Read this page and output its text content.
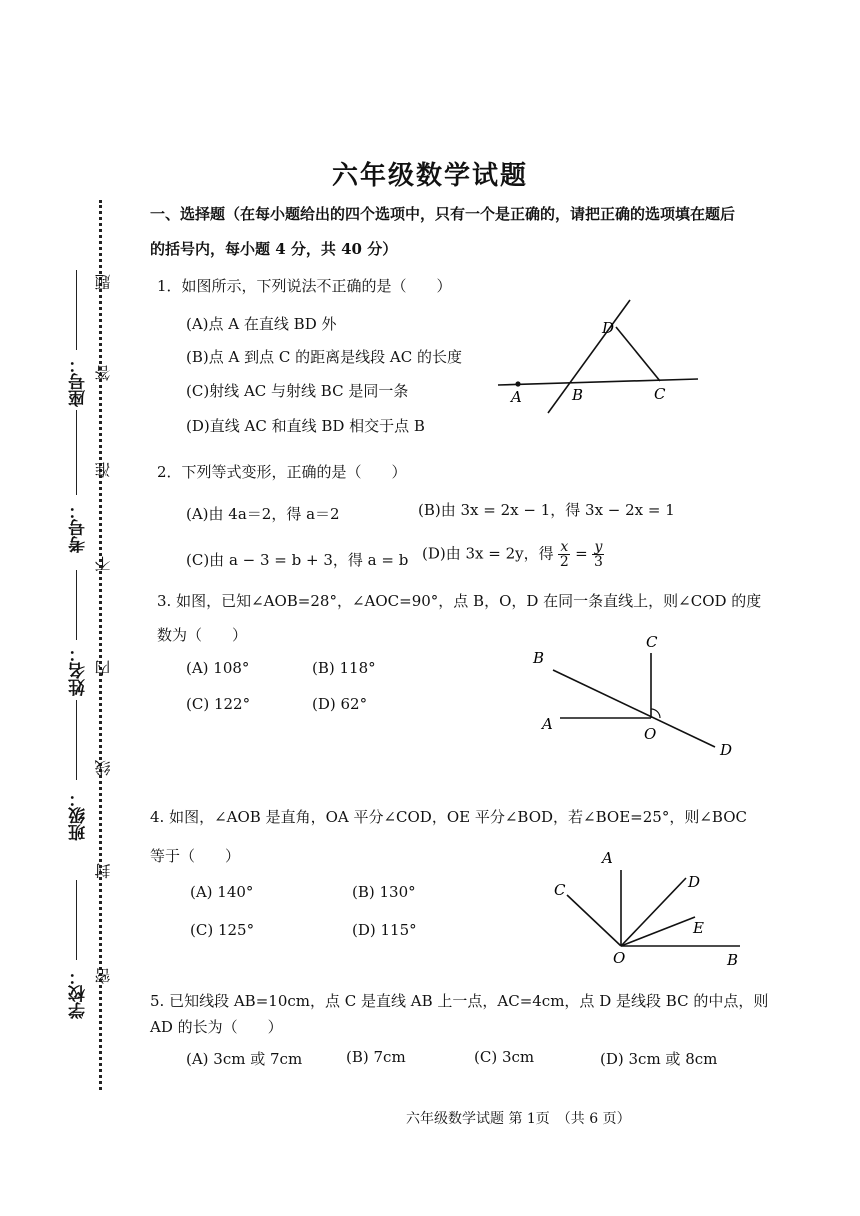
学校：
班级：
姓名：
考号：
座号：
密
封
线
内
不
准
答
题
六年级数学试题
一、选择题（在每小题给出的四个选项中，只有一个是正确的，请把正确的选项填在题后
的括号内，每小题 4 分，共 40 分）
1．如图所示，下列说法不正确的是（　　）
(A)点 A 在直线 BD 外
(B)点 A 到点 C 的距离是线段 AC 的长度
(C)射线 AC 与射线 BC 是同一条
(D)直线 AC 和直线 BD 相交于点 B
A	B	C
D
2．下列等式变形，正确的是（　　）
(A)由 4a＝2，得 a＝2	(B)由 3x = 2x − 1，得 3x − 2x = 1
(C)由 a − 3 = b + 3，得 a = b (D)由 3x = 2y，得 $\frac{x}{2} = \frac{y}{3}$
3. 如图，已知∠AOB=28°，∠AOC=90°，点 B，O，D 在同一条直线上，则∠COD 的度
数为（　　）
(A) 108°	(B) 118°
(C) 122°	(D) 62°
B
C
A
O
D
4. 如图，∠AOB 是直角，OA 平分∠COD，OE 平分∠BOD，若∠BOE=25°，则∠BOC
等于（　　）
(A) 140°	(B) 130°
(C) 125°	(D) 115°
A
C	D
E
O	B
5. 已知线段 AB=10cm，点 C 是直线 AB 上一点，AC=4cm，点 D 是线段 BC 的中点，则
AD 的长为（　　）
(A) 3cm 或 7cm	(B) 7cm	(C) 3cm	(D) 3cm 或 8cm
六年级数学试题 第 1页　（共 6 页）
